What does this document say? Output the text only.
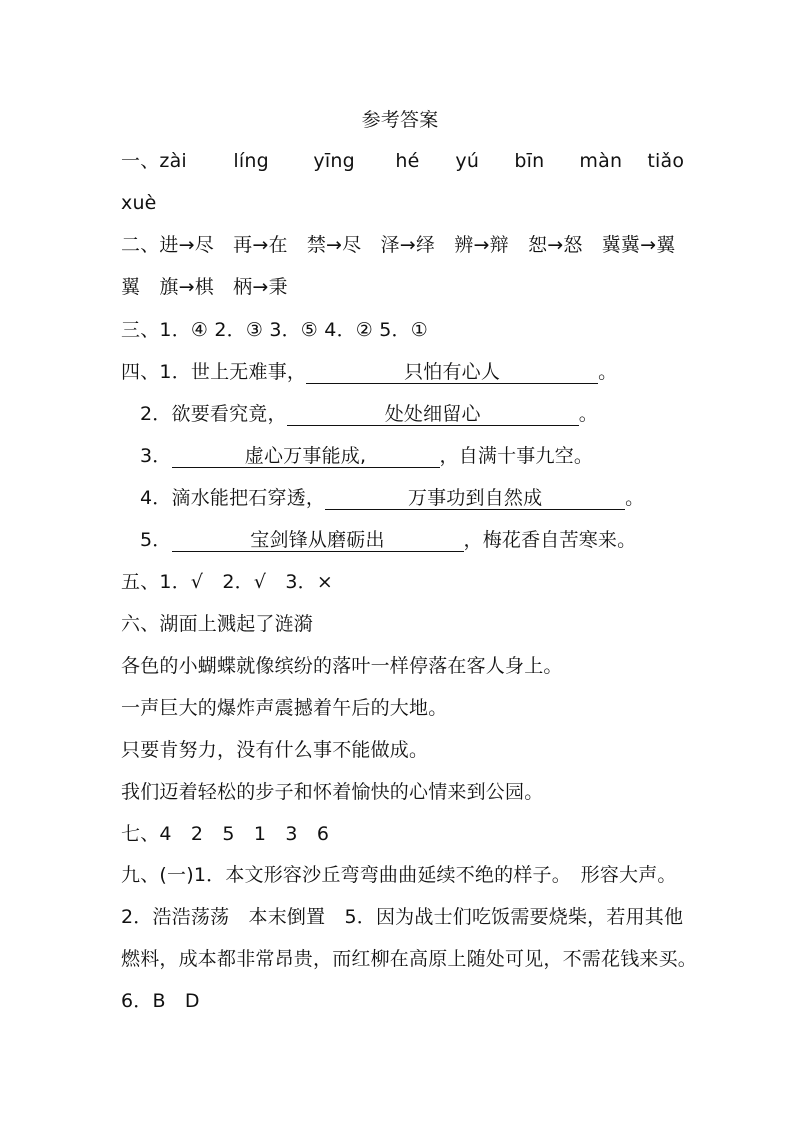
参考答案
一、zài líng yīng hé yú bīn màn tiǎo
xuè
二、进→尽　再→在　禁→尽　泽→绎　辨→辩　恕→怒　冀冀→翼
翼　旗→棋　柄→秉
三、1．④ 2．③ 3．⑤ 4．② 5．①
四、1．世上无难事，	只怕有心人	。
2．欲要看究竟，	处处细留心	。
3．	虚心万事能成,	，自满十事九空。
4．滴水能把石穿透，	万事功到自然成	。
5．	宝剑锋从磨砺出	，梅花香自苦寒来。
五、1．√　2．√　3．×
六、湖面上溅起了涟漪
各色的小蝴蝶就像缤纷的落叶一样停落在客人身上。
一声巨大的爆炸声震撼着午后的大地。
只要肯努力，没有什么事不能做成。
我们迈着轻松的步子和怀着愉快的心情来到公园。
七、4　2　5　1　3　6
九、(一)1．本文形容沙丘弯弯曲曲延续不绝的样子。　形容大声。
2．浩浩荡荡　本末倒置　5．因为战士们吃饭需要烧柴，若用其他
燃料，成本都非常昂贵，而红柳在高原上随处可见，不需花钱来买。
6．B　D
